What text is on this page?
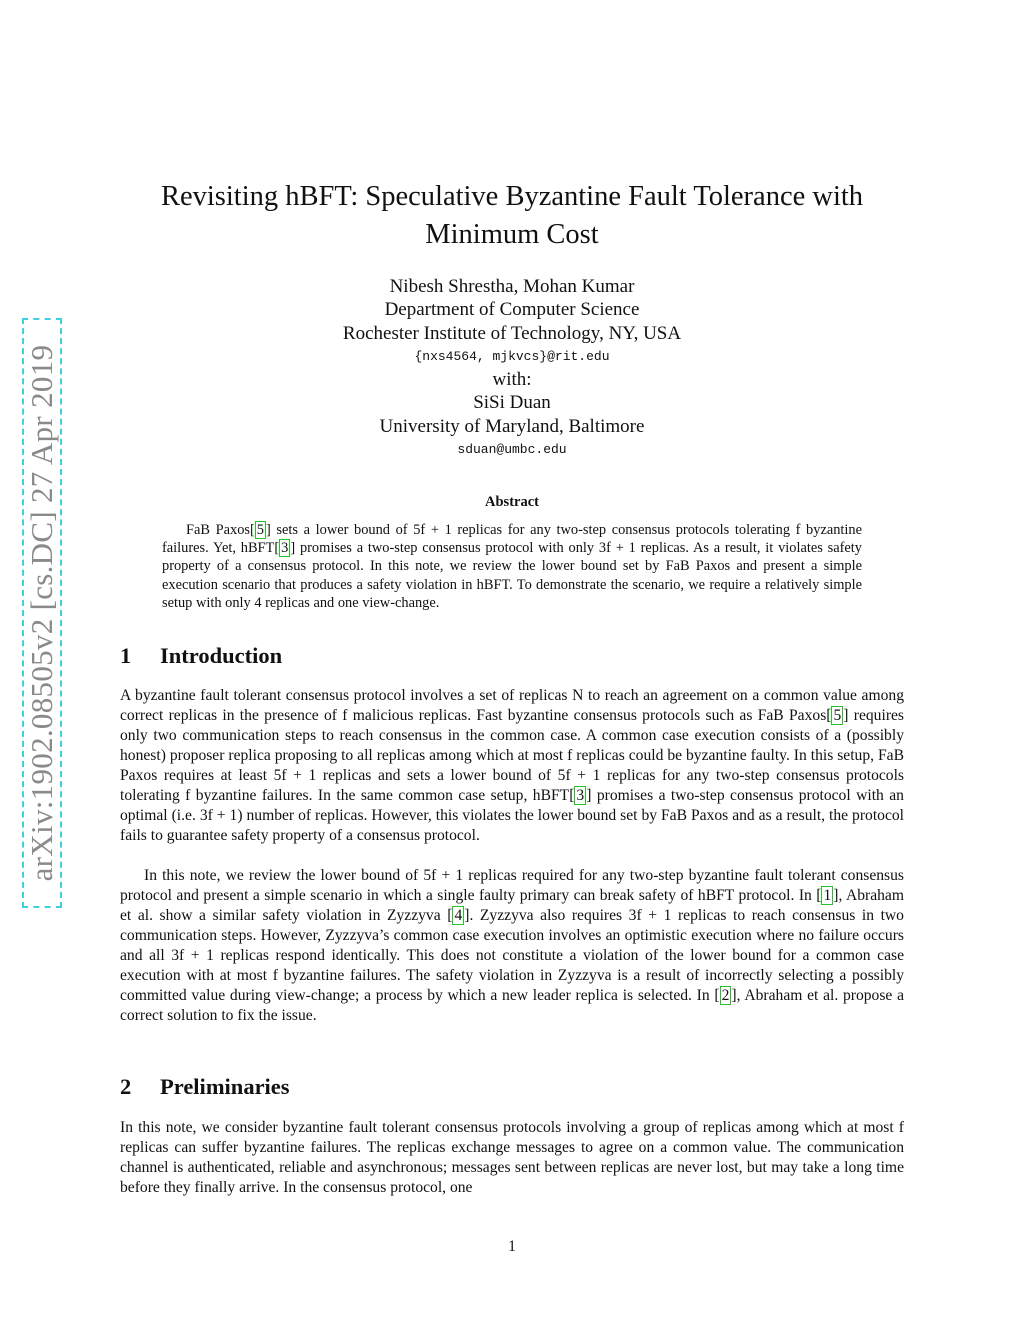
arXiv:1902.08505v2 [cs.DC] 27 Apr 2019
Revisiting hBFT: Speculative Byzantine Fault Tolerance with Minimum Cost
Nibesh Shrestha, Mohan Kumar
Department of Computer Science
Rochester Institute of Technology, NY, USA
{nxs4564, mjkvcs}@rit.edu
with:
SiSi Duan
University of Maryland, Baltimore
sduan@umbc.edu
Abstract

FaB Paxos[ 5 ] sets a lower bound of 5f + 1 replicas for any two-step consensus protocols tolerating f byzantine failures. Yet, hBFT[ 3 ] promises a two-step consensus protocol with only 3f + 1 replicas. As a result, it violates safety property of a consensus protocol. In this note, we review the lower bound set by FaB Paxos and present a simple execution scenario that produces a safety violation in hBFT. To demonstrate the scenario, we require a relatively simple setup with only 4 replicas and one view-change.

1 Introduction

A byzantine fault tolerant consensus protocol involves a set of replicas N to reach an agreement on a common value among correct replicas in the presence of f malicious replicas. Fast byzantine consensus protocols such as FaB Paxos[ 5 ] requires only two communication steps to reach consensus in the common case. A common case execution consists of a (possibly honest) proposer replica proposing to all replicas among which at most f replicas could be byzantine faulty. In this setup, FaB Paxos requires at least 5f + 1 replicas and sets a lower bound of 5f + 1 replicas for any two-step consensus protocols tolerating f byzantine failures. In the same common case setup, hBFT[ 3 ] promises a two-step consensus protocol with an optimal (i.e. 3f + 1) number of replicas. However, this violates the lower bound set by FaB Paxos and as a result, the protocol fails to guarantee safety property of a consensus protocol.

In this note, we review the lower bound of 5f + 1 replicas required for any two-step byzantine fault tolerant consensus protocol and present a simple scenario in which a single faulty primary can break safety of hBFT protocol. In [ 1 ], Abraham et al. show a similar safety violation in Zyzzyva [ 4 ]. Zyzzyva also requires 3f + 1 replicas to reach consensus in two communication steps. However, Zyzzyva’s common case execution involves an optimistic execution where no failure occurs and all 3f + 1 replicas respond identically. This does not constitute a violation of the lower bound for a common case execution with at most f byzantine failures. The safety violation in Zyzzyva is a result of incorrectly selecting a possibly committed value during view-change; a process by which a new leader replica is selected. In [ 2 ], Abraham et al. propose a correct solution to fix the issue.

2 Preliminaries

In this note, we consider byzantine fault tolerant consensus protocols involving a group of replicas among which at most f replicas can suffer byzantine failures. The replicas exchange messages to agree on a common value. The communication channel is authenticated, reliable and asynchronous; messages sent between replicas are never lost, but may take a long time before they finally arrive. In the consensus protocol, one

1
